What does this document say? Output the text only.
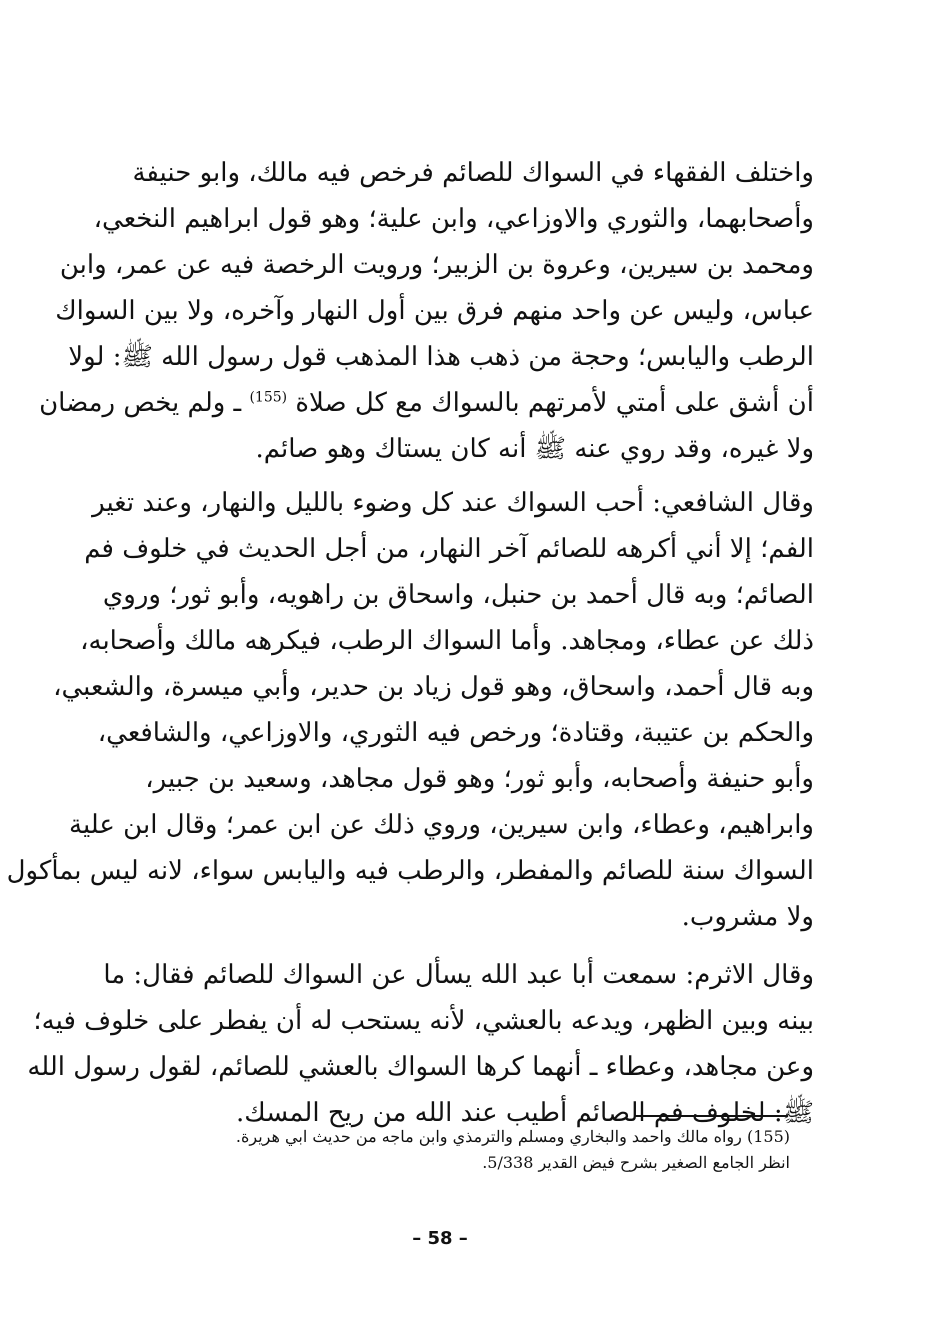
واختلف الفقهاء في السواك للصائم فرخص فيه مالك، وابو حنيفة
وأصحابهما، والثوري والاوزاعي، وابن علية؛ وهو قول ابراهيم النخعي،
ومحمد بن سيرين، وعروة بن الزبير؛ ورويت الرخصة فيه عن عمر، وابن
عباس، وليس عن واحد منهم فرق بين أول النهار وآخره، ولا بين السواك
الرطب واليابس؛ وحجة من ذهب هذا المذهب قول رسول الله ﷺ: لولا
أن أشق على أمتي لأمرتهم بالسواك مع كل صلاة $^{(155)}$ ـ ولم يخص رمضان
ولا غيره، وقد روي عنه ﷺ أنه كان يستاك وهو صائم.

وقال الشافعي: أحب السواك عند كل وضوء بالليل والنهار، وعند تغير
الفم؛ إلا أني أكرهه للصائم آخر النهار، من أجل الحديث في خلوف فم
الصائم؛ وبه قال أحمد بن حنبل، واسحاق بن راهويه، وأبو ثور؛ وروي
ذلك عن عطاء، ومجاهد. وأما السواك الرطب، فيكرهه مالك وأصحابه،
وبه قال أحمد، واسحاق، وهو قول زياد بن حدير، وأبي ميسرة، والشعبي،
والحكم بن عتيبة، وقتادة؛ ورخص فيه الثوري، والاوزاعي، والشافعي،
وأبو حنيفة وأصحابه، وأبو ثور؛ وهو قول مجاهد، وسعيد بن جبير،
وابراهيم، وعطاء، وابن سيرين، وروي ذلك عن ابن عمر؛ وقال ابن علية
السواك سنة للصائم والمفطر، والرطب فيه واليابس سواء، لانه ليس بمأكول
ولا مشروب.

وقال الاثرم: سمعت أبا عبد الله يسأل عن السواك للصائم فقال: ما
بينه وبين الظهر، ويدعه بالعشي، لأنه يستحب له أن يفطر على خلوف فيه؛
وعن مجاهد، وعطاء ـ أنهما كرها السواك بالعشي للصائم، لقول رسول الله
ﷺ: لخلوف فم الصائم أطيب عند الله من ريح المسك.

(155) رواه مالك واحمد والبخاري ومسلم والترمذي وابن ماجه من حديث ابي هريرة.
انظر الجامع الصغير بشرح فيض القدير 5/338.
– 58 –
